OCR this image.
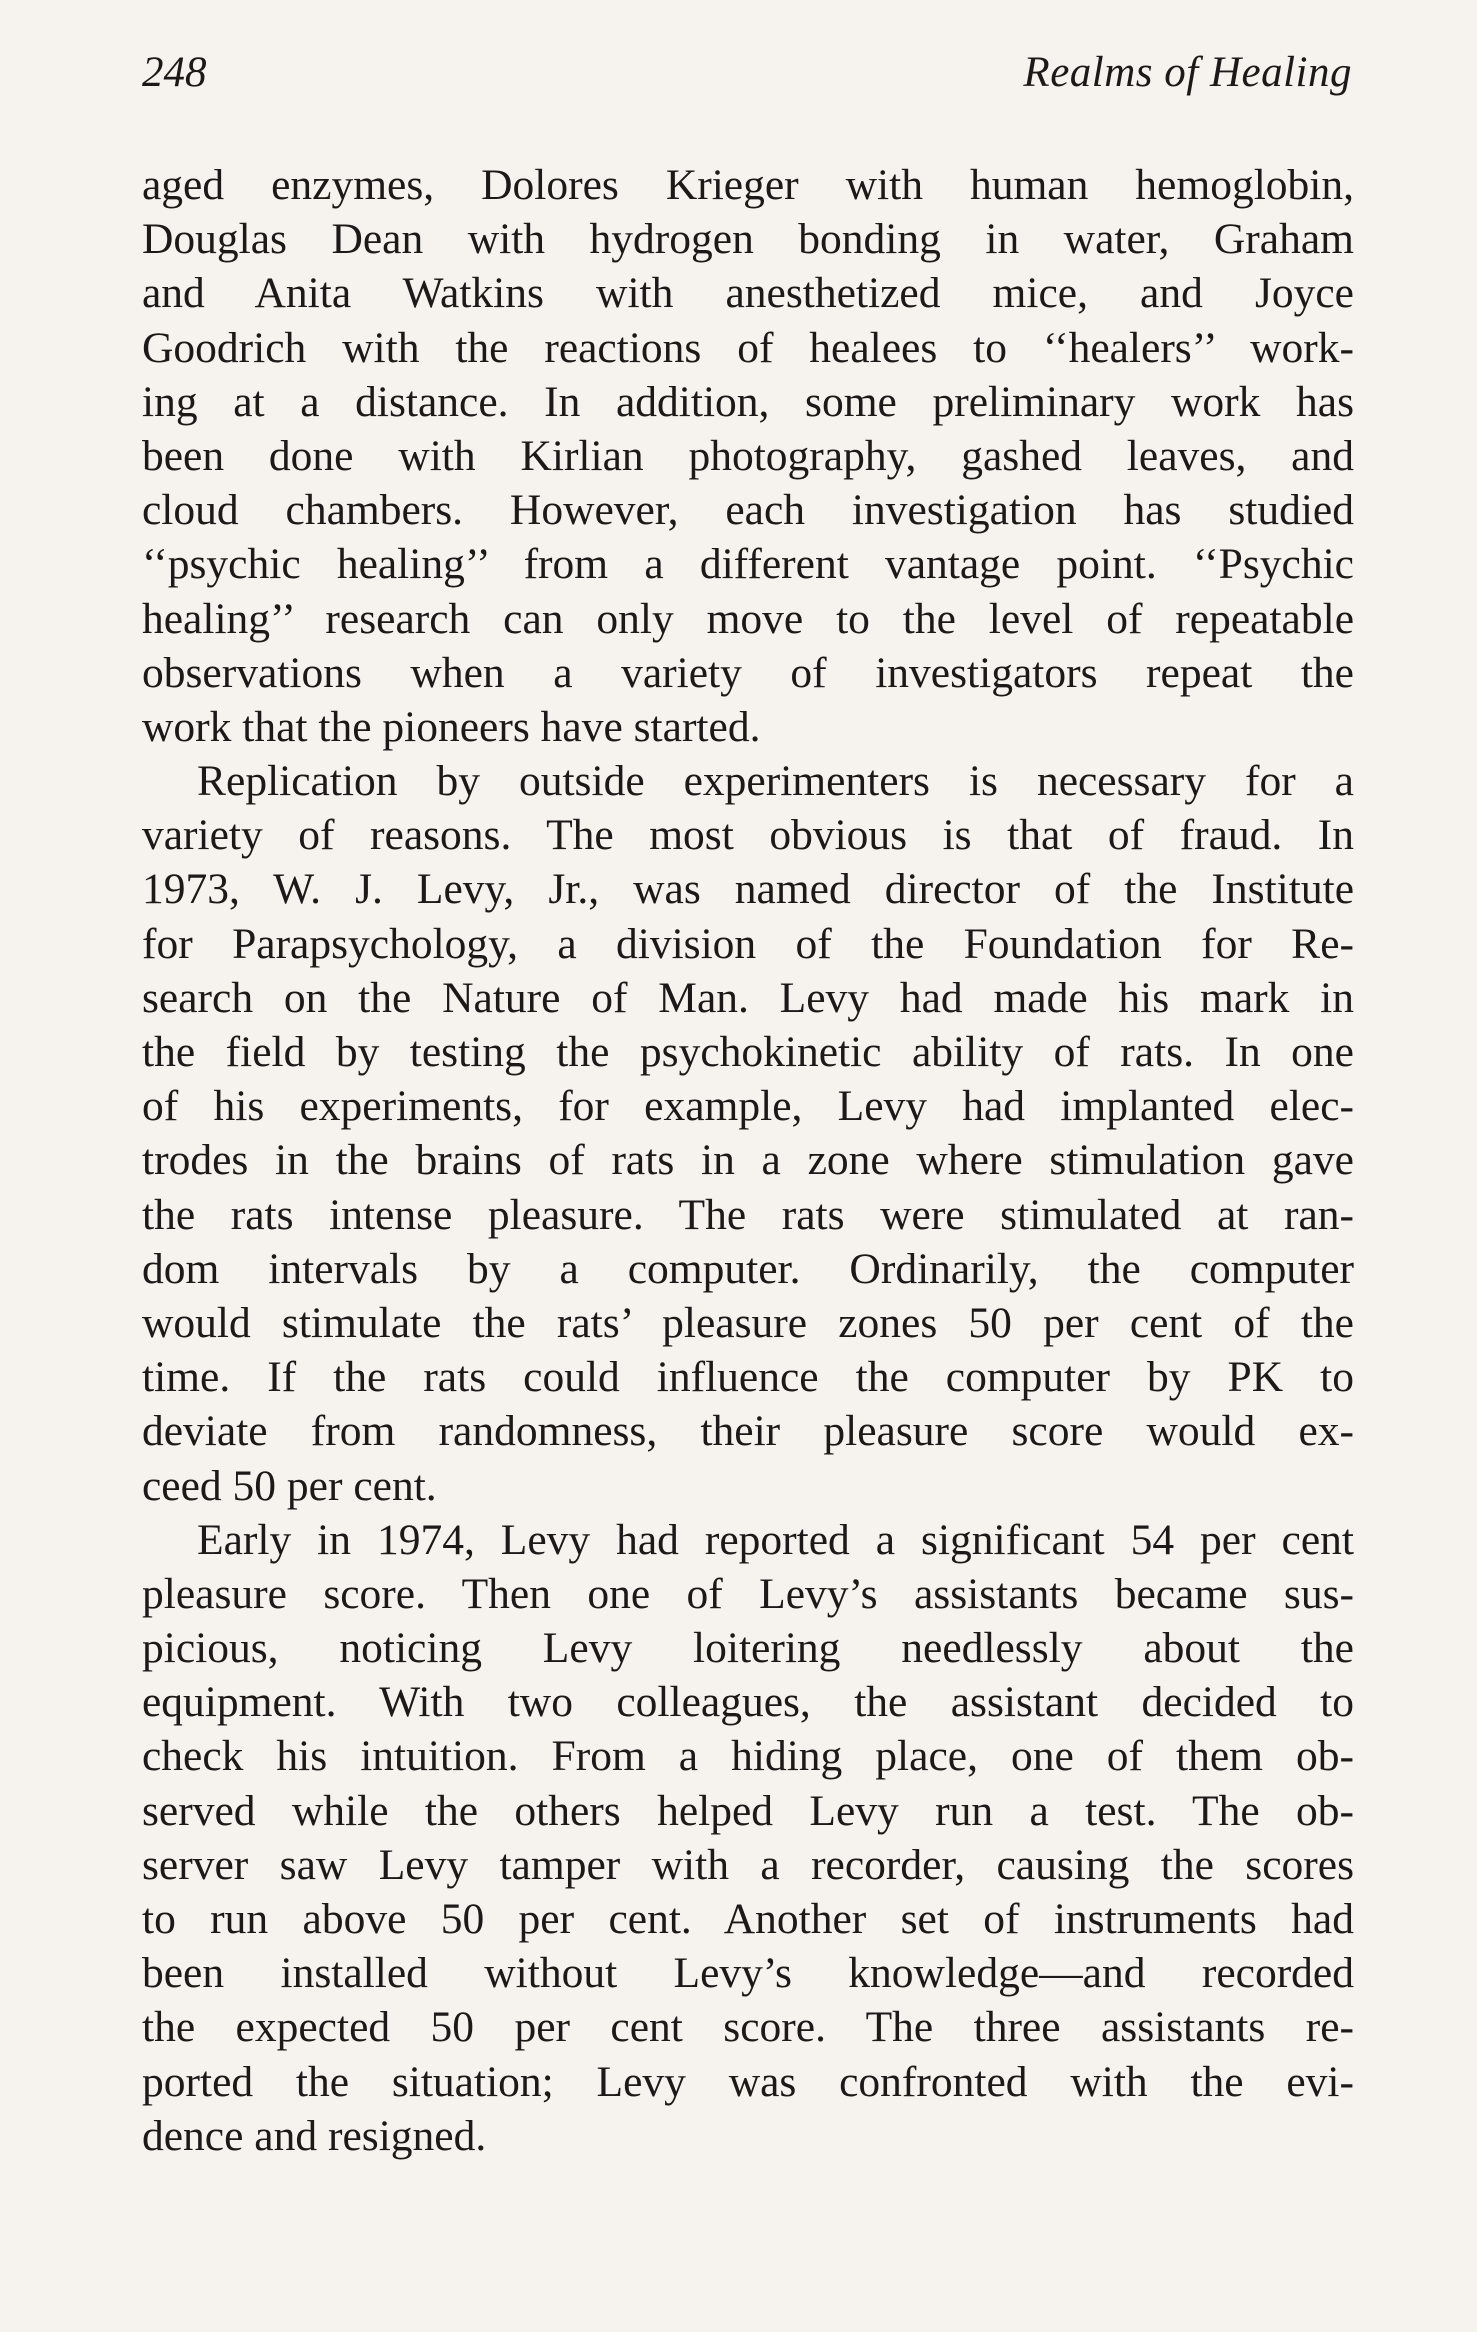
248	Realms of Healing
aged enzymes, Dolores Krieger with human hemoglobin,
Douglas Dean with hydrogen bonding in water, Graham
and Anita Watkins with anesthetized mice, and Joyce
Goodrich with the reactions of healees to ‘‘healers’’ work-
ing at a distance. In addition, some preliminary work has
been done with Kirlian photography, gashed leaves, and
cloud chambers. However, each investigation has studied
‘‘psychic healing’’ from a different vantage point. ‘‘Psychic
healing’’ research can only move to the level of repeatable
observations when a variety of investigators repeat the
work that the pioneers have started.
Replication by outside experimenters is necessary for a
variety of reasons. The most obvious is that of fraud. In
1973, W. J. Levy, Jr., was named director of the Institute
for Parapsychology, a division of the Foundation for Re-
search on the Nature of Man. Levy had made his mark in
the field by testing the psychokinetic ability of rats. In one
of his experiments, for example, Levy had implanted elec-
trodes in the brains of rats in a zone where stimulation gave
the rats intense pleasure. The rats were stimulated at ran-
dom intervals by a computer. Ordinarily, the computer
would stimulate the rats’ pleasure zones 50 per cent of the
time. If the rats could influence the computer by PK to
deviate from randomness, their pleasure score would ex-
ceed 50 per cent.
Early in 1974, Levy had reported a significant 54 per cent
pleasure score. Then one of Levy’s assistants became sus-
picious, noticing Levy loitering needlessly about the
equipment. With two colleagues, the assistant decided to
check his intuition. From a hiding place, one of them ob-
served while the others helped Levy run a test. The ob-
server saw Levy tamper with a recorder, causing the scores
to run above 50 per cent. Another set of instruments had
been installed without Levy’s knowledge—and recorded
the expected 50 per cent score. The three assistants re-
ported the situation; Levy was confronted with the evi-
dence and resigned.
